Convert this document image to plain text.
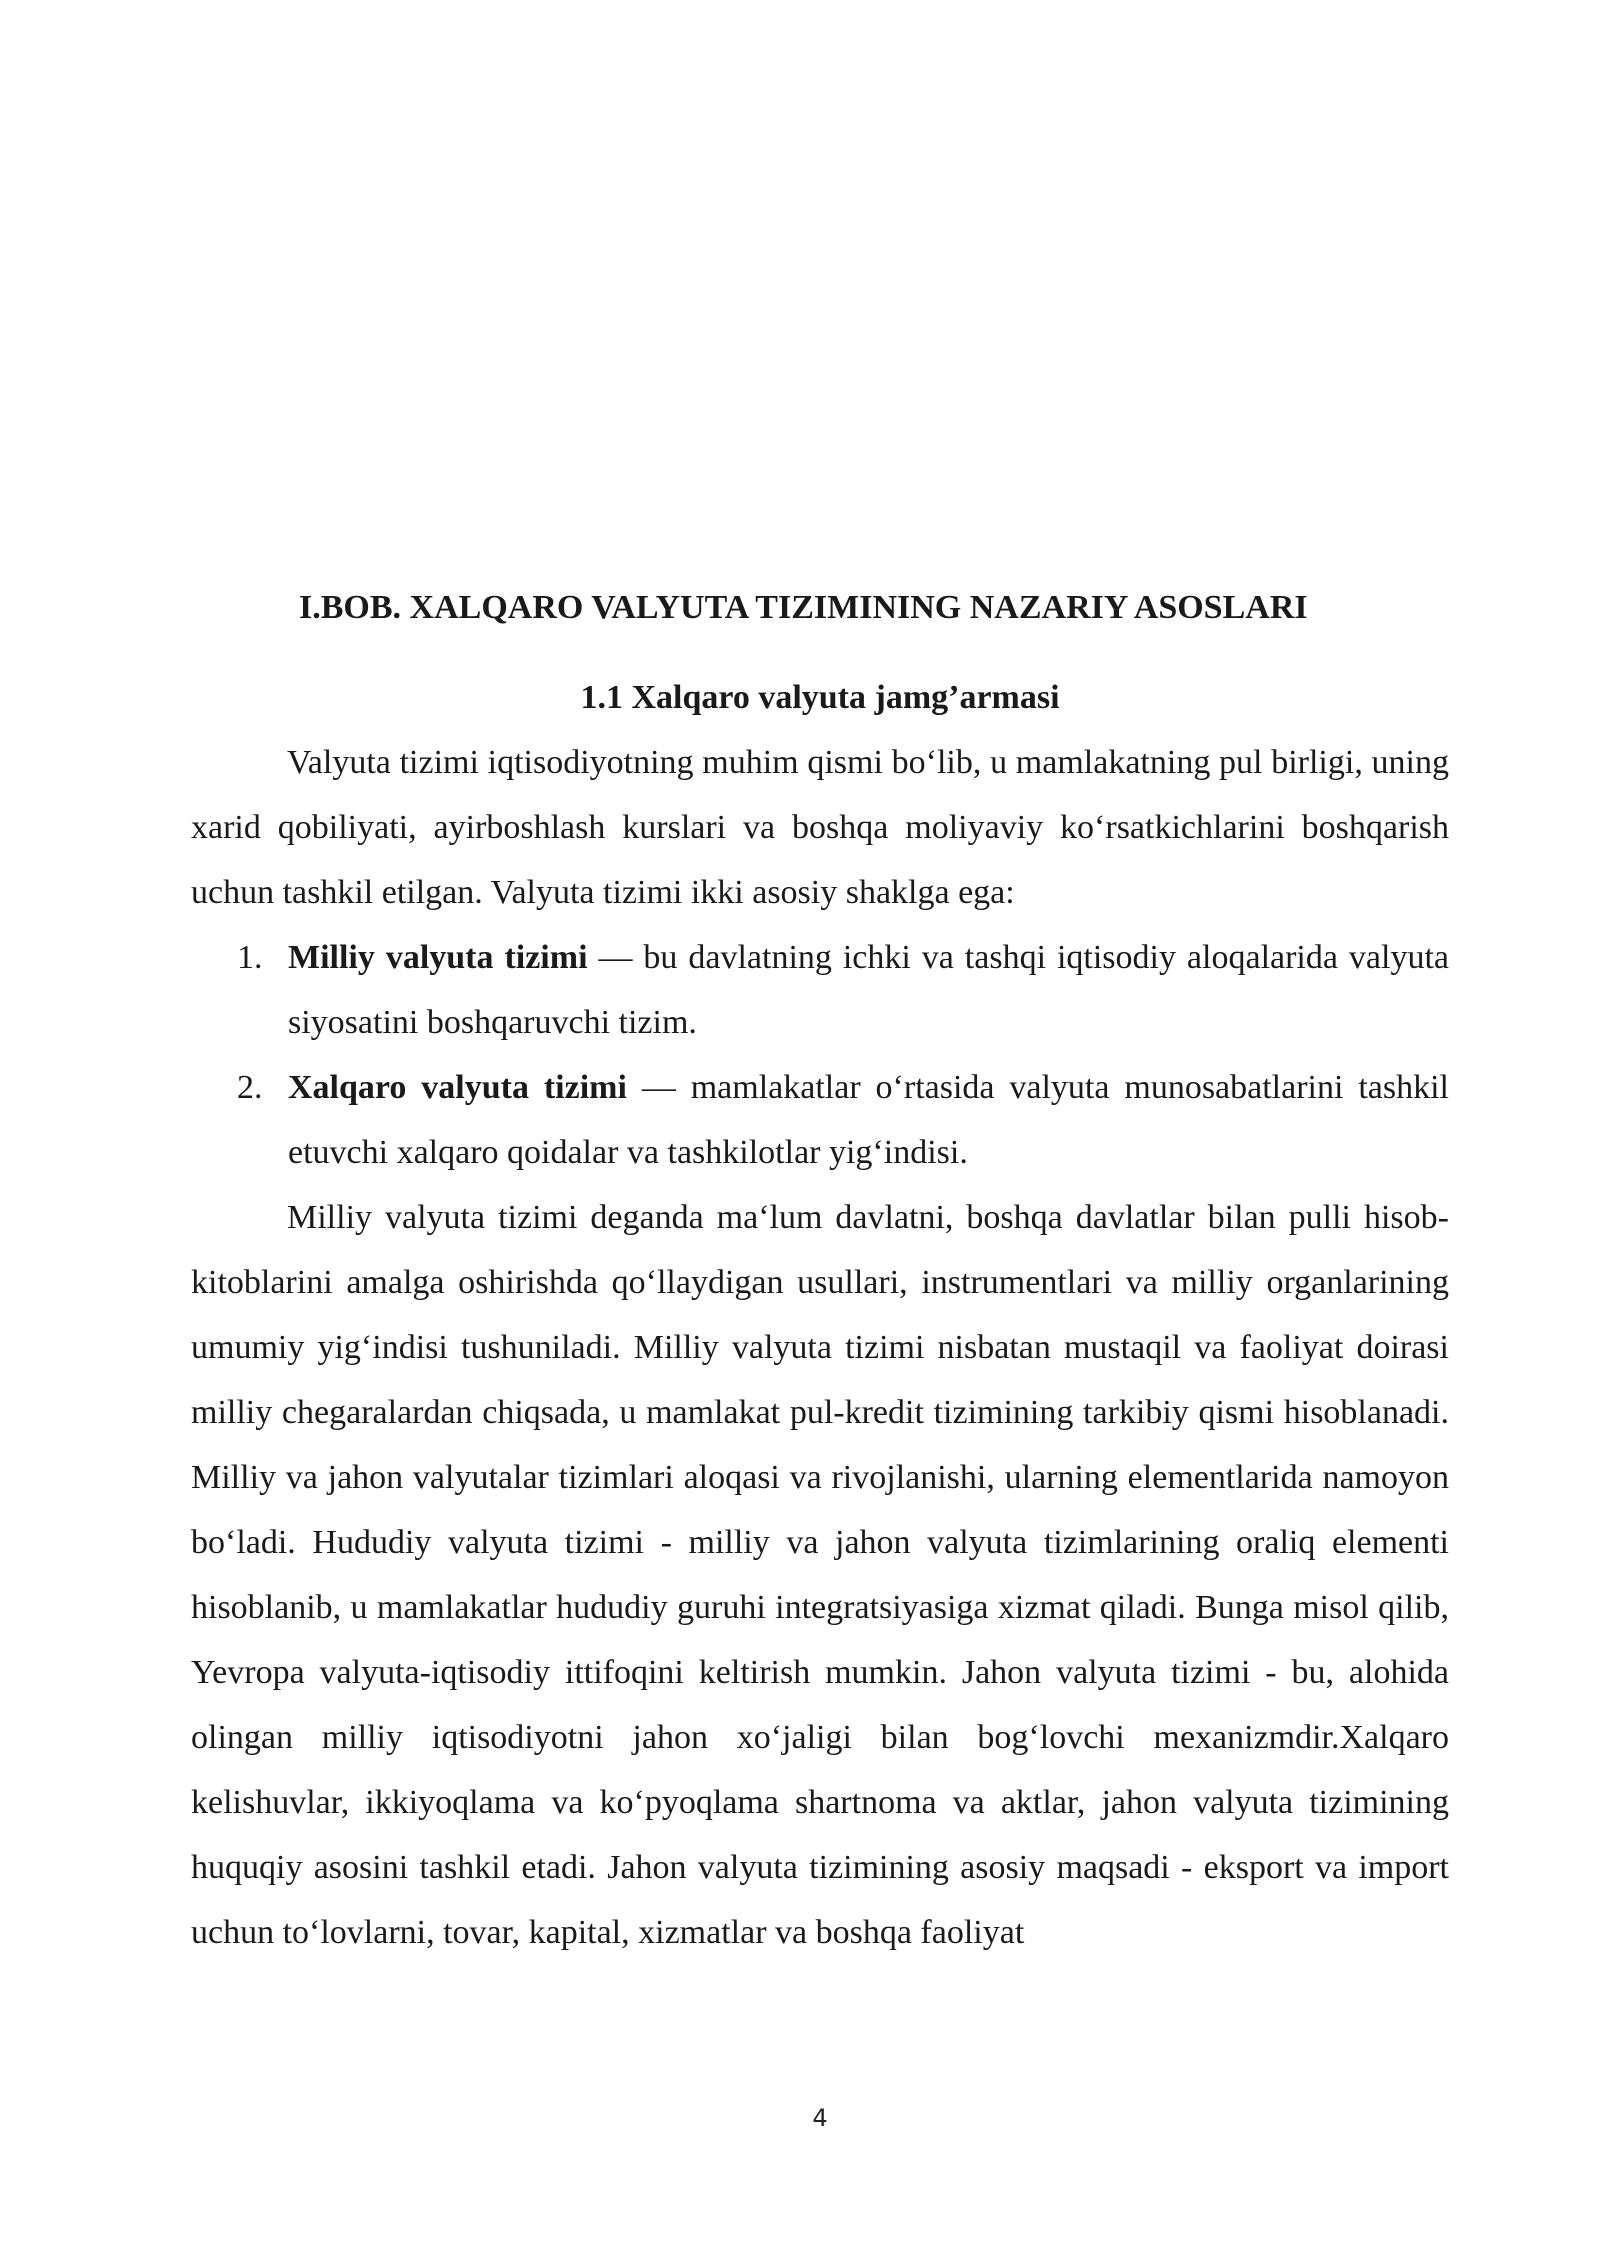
I.BOB. XALQARO VALYUTA TIZIMINING NAZARIY ASOSLARI
1.1 Xalqaro valyuta jamg’armasi

Valyuta tizimi iqtisodiyotning muhim qismi bo‘lib, u mamlakatning pul birligi, uning xarid qobiliyati, ayirboshlash kurslari va boshqa moliyaviy ko‘rsatkichlarini boshqarish uchun tashkil etilgan. Valyuta tizimi ikki asosiy shaklga ega:

1. Milliy valyuta tizimi — bu davlatning ichki va tashqi iqtisodiy aloqalarida valyuta siyosatini boshqaruvchi tizim.
2. Xalqaro valyuta tizimi — mamlakatlar o‘rtasida valyuta munosabatlarini tashkil etuvchi xalqaro qoidalar va tashkilotlar yig‘indisi.

Milliy valyuta tizimi deganda ma‘lum davlatni, boshqa davlatlar bilan pulli hisob-kitoblarini amalga oshirishda qo‘llaydigan usullari, instrumentlari va milliy organlarining umumiy yig‘indisi tushuniladi. Milliy valyuta tizimi nisbatan mustaqil va faoliyat doirasi milliy chegaralardan chiqsada, u mamlakat pul-kredit tizimining tarkibiy qismi hisoblanadi. Milliy va jahon valyutalar tizimlari aloqasi va rivojlanishi, ularning elementlarida namoyon bo‘ladi. Hududiy valyuta tizimi - milliy va jahon valyuta tizimlarining oraliq elementi hisoblanib, u mamlakatlar hududiy guruhi integratsiyasiga xizmat qiladi. Bunga misol qilib, Yevropa valyuta-iqtisodiy ittifoqini keltirish mumkin. Jahon valyuta tizimi - bu, alohida olingan milliy iqtisodiyotni jahon xo‘jaligi bilan bog‘lovchi mexanizmdir.Xalqaro kelishuvlar, ikkiyoqlama va ko‘pyoqlama shartnoma va aktlar, jahon valyuta tizimining huquqiy asosini tashkil etadi. Jahon valyuta tizimining asosiy maqsadi - eksport va import uchun to‘lovlarni, tovar, kapital, xizmatlar va boshqa faoliyat

4
